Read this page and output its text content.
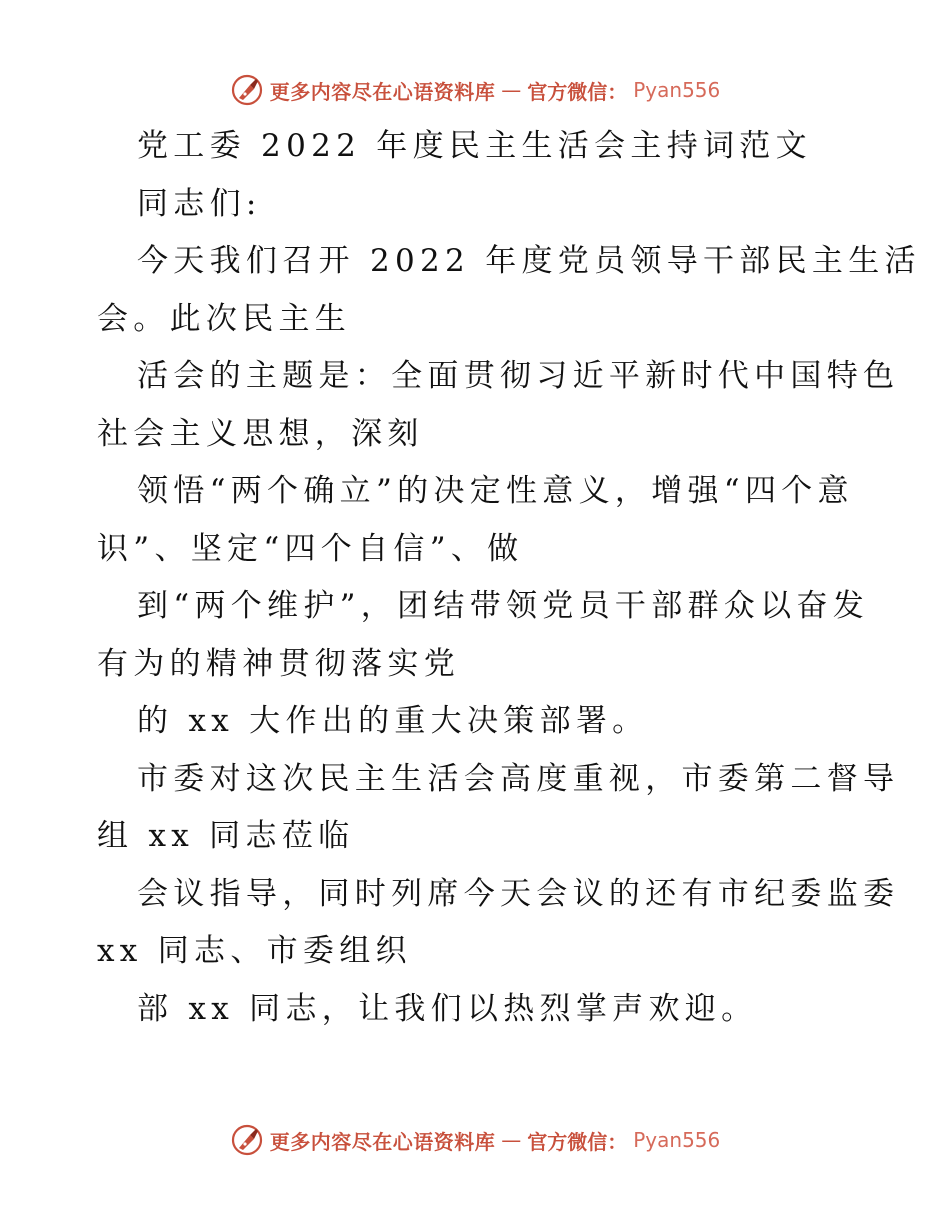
更多内容尽在心语资料库 — 官方微信： Pyan556
党工委 2022 年度民主生活会主持词范文
同志们:
今天我们召开 2022 年度党员领导干部民主生活
会。此次民主生
活会的主题是：全面贯彻习近平新时代中国特色
社会主义思想，深刻
领悟“两个确立”的决定性意义，增强“四个意
识”、坚定“四个自信”、做
到“两个维护”，团结带领党员干部群众以奋发
有为的精神贯彻落实党
的 xx 大作出的重大决策部署。
市委对这次民主生活会高度重视，市委第二督导
组 xx 同志莅临
会议指导，同时列席今天会议的还有市纪委监委
xx 同志、市委组织
部 xx 同志，让我们以热烈掌声欢迎。
更多内容尽在心语资料库 — 官方微信： Pyan556
